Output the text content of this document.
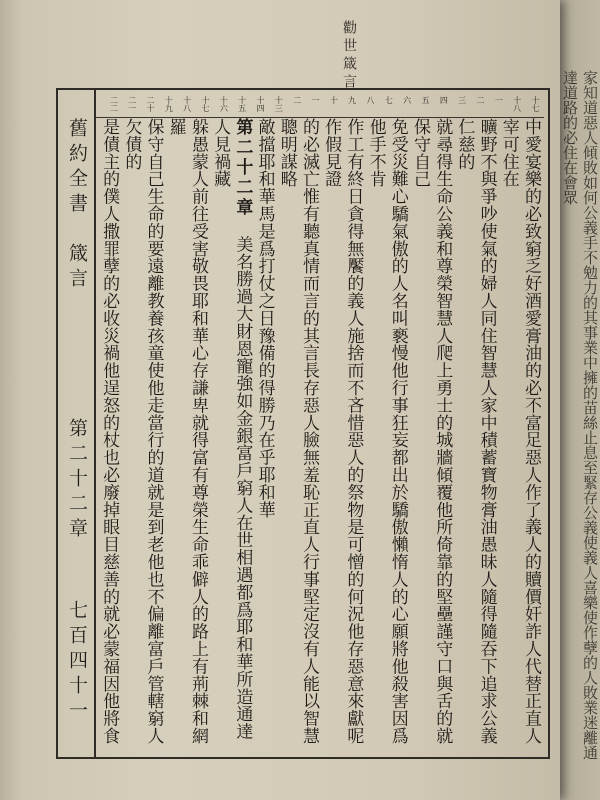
家知道惡人傾敗如何公義手不勉力的其事業中擁的苗絲止息至緊存公義使義人喜樂使作孽的人敗業迷離通達道路的必住在會眾
勸世箴言
舊約全書　箴言
第二十二章
七百四十一
十七
十八
一
二
三
四
五
六
七
八
九
十
一
二
十三
十四
十五
十六
十七
十八
十九
二十
二一
二二
中愛宴樂的必致窮乏好酒愛膏油的必不富足惡人作了義人的贖價奸詐人代替正直人宰可住在
曠野不與爭吵使氣的婦人同住智慧人家中積蓄寶物膏油愚昧人隨得隨吞下追求公義仁慈的
就尋得生命公義和尊榮智慧人爬上勇士的城牆傾覆他所倚靠的堅壘謹守口與舌的就保守自己
免受災難心驕氣傲的人名叫褻慢他行事狂妄都出於驕傲懶惰人的心願將他殺害因爲他手不肯
作工有終日貪得無饜的義人施捨而不吝惜惡人的祭物是可憎的何況他存惡意來獻呢作假見證
的必滅亡惟有聽真情而言的其言長存惡人臉無羞恥正直人行事堅定沒有人能以智慧聰明謀略
敵擋耶和華馬是爲打仗之日豫備的得勝乃在乎耶和華
第二十二章　美名勝過大財恩寵強如金銀富戶窮人在世相遇都爲耶和華所造通達人見禍藏
躲愚蒙人前往受害敬畏耶和華心存謙卑就得富有尊榮生命乖僻人的路上有荊棘和網羅
保守自己生命的要遠離教養孩童使他走當行的道就是到老他也不偏離富戶管轄窮人欠債的
是債主的僕人撒罪孽的必收災禍他逞怒的杖也必廢掉眼目慈善的就必蒙福因他將食
